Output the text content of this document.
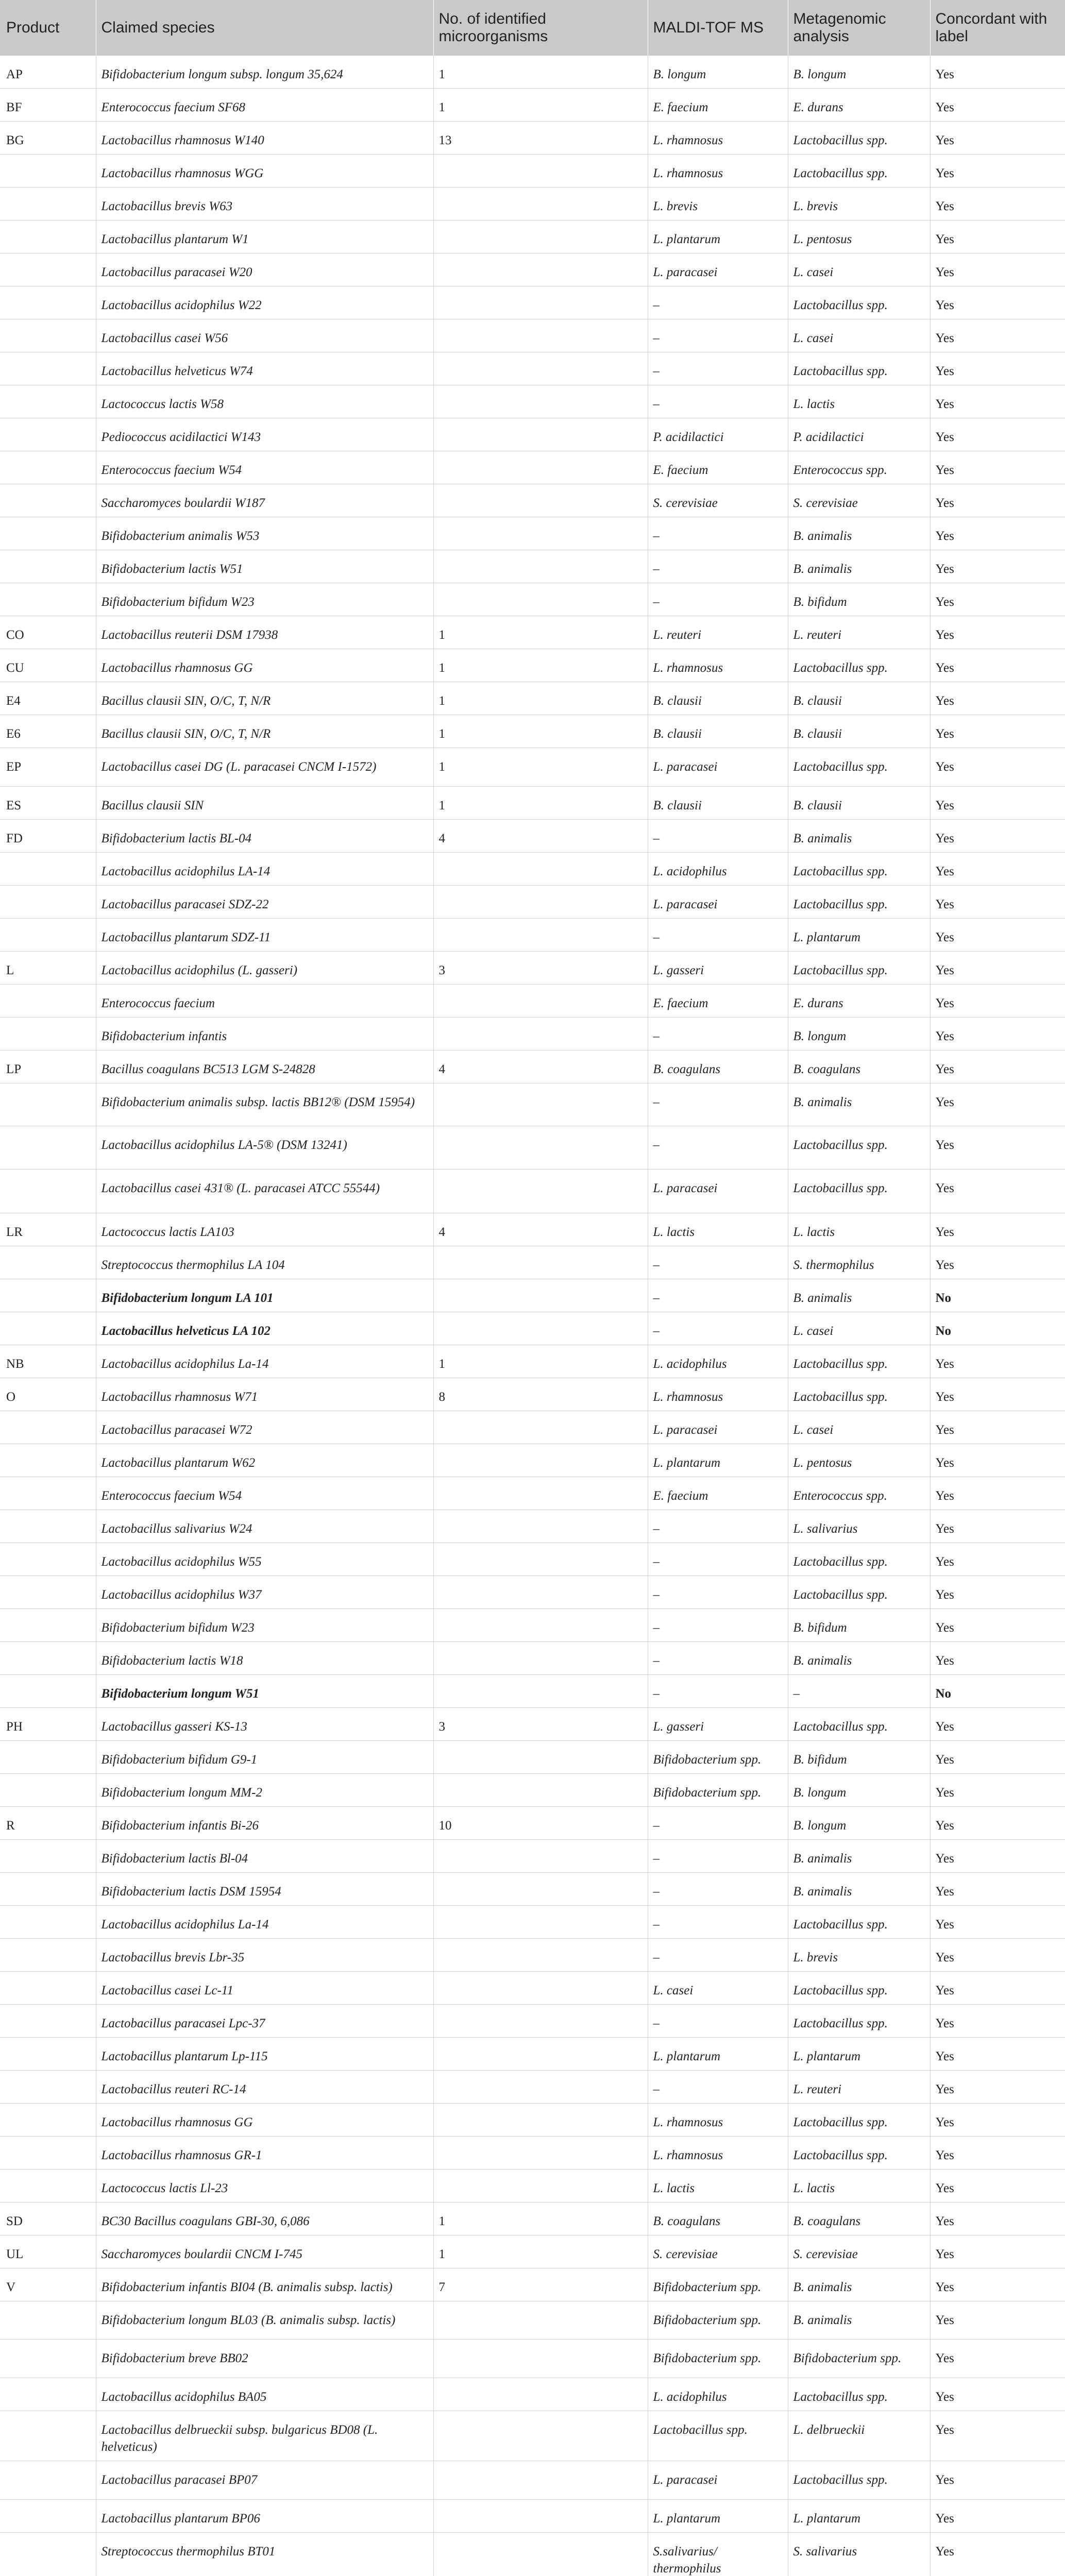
Product	Claimed species	No. of identified microorganisms	MALDI-TOF MS	Metagenomic analysis	Concordant with label
AP	Bifidobacterium longum subsp. longum 35,624	1	B. longum	B. longum	Yes
BF	Enterococcus faecium SF68	1	E. faecium	E. durans	Yes
BG	Lactobacillus rhamnosus W140	13	L. rhamnosus	Lactobacillus spp.	Yes
	Lactobacillus rhamnosus WGG		L. rhamnosus	Lactobacillus spp.	Yes
	Lactobacillus brevis W63		L. brevis	L. brevis	Yes
	Lactobacillus plantarum W1		L. plantarum	L. pentosus	Yes
	Lactobacillus paracasei W20		L. paracasei	L. casei	Yes
	Lactobacillus acidophilus W22		–	Lactobacillus spp.	Yes
	Lactobacillus casei W56		–	L. casei	Yes
	Lactobacillus helveticus W74		–	Lactobacillus spp.	Yes
	Lactococcus lactis W58		–	L. lactis	Yes
	Pediococcus acidilactici W143		P. acidilactici	P. acidilactici	Yes
	Enterococcus faecium W54		E. faecium	Enterococcus spp.	Yes
	Saccharomyces boulardii W187		S. cerevisiae	S. cerevisiae	Yes
	Bifidobacterium animalis W53		–	B. animalis	Yes
	Bifidobacterium lactis W51		–	B. animalis	Yes
	Bifidobacterium bifidum W23		–	B. bifidum	Yes
CO	Lactobacillus reuterii DSM 17938	1	L. reuteri	L. reuteri	Yes
CU	Lactobacillus rhamnosus GG	1	L. rhamnosus	Lactobacillus spp.	Yes
E4	Bacillus clausii SIN, O/C, T, N/R	1	B. clausii	B. clausii	Yes
E6	Bacillus clausii SIN, O/C, T, N/R	1	B. clausii	B. clausii	Yes
EP	Lactobacillus casei DG (L. paracasei CNCM I-1572)	1	L. paracasei	Lactobacillus spp.	Yes
ES	Bacillus clausii SIN	1	B. clausii	B. clausii	Yes
FD	Bifidobacterium lactis BL-04	4	–	B. animalis	Yes
	Lactobacillus acidophilus LA-14		L. acidophilus	Lactobacillus spp.	Yes
	Lactobacillus paracasei SDZ-22		L. paracasei	Lactobacillus spp.	Yes
	Lactobacillus plantarum SDZ-11		–	L. plantarum	Yes
L	Lactobacillus acidophilus (L. gasseri)	3	L. gasseri	Lactobacillus spp.	Yes
	Enterococcus faecium		E. faecium	E. durans	Yes
	Bifidobacterium infantis		–	B. longum	Yes
LP	Bacillus coagulans BC513 LGM S-24828	4	B. coagulans	B. coagulans	Yes
	Bifidobacterium animalis subsp. lactis BB12® (DSM 15954)		–	B. animalis	Yes
	Lactobacillus acidophilus LA-5® (DSM 13241)		–	Lactobacillus spp.	Yes
	Lactobacillus casei 431® (L. paracasei ATCC 55544)		L. paracasei	Lactobacillus spp.	Yes
LR	Lactococcus lactis LA103	4	L. lactis	L. lactis	Yes
	Streptococcus thermophilus LA 104		–	S. thermophilus	Yes
	Bifidobacterium longum LA 101		–	B. animalis	No
	Lactobacillus helveticus LA 102		–	L. casei	No
NB	Lactobacillus acidophilus La-14	1	L. acidophilus	Lactobacillus spp.	Yes
O	Lactobacillus rhamnosus W71	8	L. rhamnosus	Lactobacillus spp.	Yes
	Lactobacillus paracasei W72		L. paracasei	L. casei	Yes
	Lactobacillus plantarum W62		L. plantarum	L. pentosus	Yes
	Enterococcus faecium W54		E. faecium	Enterococcus spp.	Yes
	Lactobacillus salivarius W24		–	L. salivarius	Yes
	Lactobacillus acidophilus W55		–	Lactobacillus spp.	Yes
	Lactobacillus acidophilus W37		–	Lactobacillus spp.	Yes
	Bifidobacterium bifidum W23		–	B. bifidum	Yes
	Bifidobacterium lactis W18		–	B. animalis	Yes
	Bifidobacterium longum W51		–	–	No
PH	Lactobacillus gasseri KS-13	3	L. gasseri	Lactobacillus spp.	Yes
	Bifidobacterium bifidum G9-1		Bifidobacterium spp.	B. bifidum	Yes
	Bifidobacterium longum MM-2		Bifidobacterium spp.	B. longum	Yes
R	Bifidobacterium infantis Bi-26	10	–	B. longum	Yes
	Bifidobacterium lactis Bl-04		–	B. animalis	Yes
	Bifidobacterium lactis DSM 15954		–	B. animalis	Yes
	Lactobacillus acidophilus La-14		–	Lactobacillus spp.	Yes
	Lactobacillus brevis Lbr-35		–	L. brevis	Yes
	Lactobacillus casei Lc-11		L. casei	Lactobacillus spp.	Yes
	Lactobacillus paracasei Lpc-37		–	Lactobacillus spp.	Yes
	Lactobacillus plantarum Lp-115		L. plantarum	L. plantarum	Yes
	Lactobacillus reuteri RC-14		–	L. reuteri	Yes
	Lactobacillus rhamnosus GG		L. rhamnosus	Lactobacillus spp.	Yes
	Lactobacillus rhamnosus GR-1		L. rhamnosus	Lactobacillus spp.	Yes
	Lactococcus lactis Ll-23		L. lactis	L. lactis	Yes
SD	BC30 Bacillus coagulans GBI-30, 6,086	1	B. coagulans	B. coagulans	Yes
UL	Saccharomyces boulardii CNCM I-745	1	S. cerevisiae	S. cerevisiae	Yes
V	Bifidobacterium infantis BI04 (B. animalis subsp. lactis)	7	Bifidobacterium spp.	B. animalis	Yes
	Bifidobacterium longum BL03 (B. animalis subsp. lactis)		Bifidobacterium spp.	B. animalis	Yes
	Bifidobacterium breve BB02		Bifidobacterium spp.	Bifidobacterium spp.	Yes
	Lactobacillus acidophilus BA05		L. acidophilus	Lactobacillus spp.	Yes
	Lactobacillus delbrueckii subsp. bulgaricus BD08 (L. helveticus)		Lactobacillus spp.	L. delbrueckii	Yes
	Lactobacillus paracasei BP07		L. paracasei	Lactobacillus spp.	Yes
	Lactobacillus plantarum BP06		L. plantarum	L. plantarum	Yes
	Streptococcus thermophilus BT01		S.salivarius/ thermophilus	S. salivarius	Yes
